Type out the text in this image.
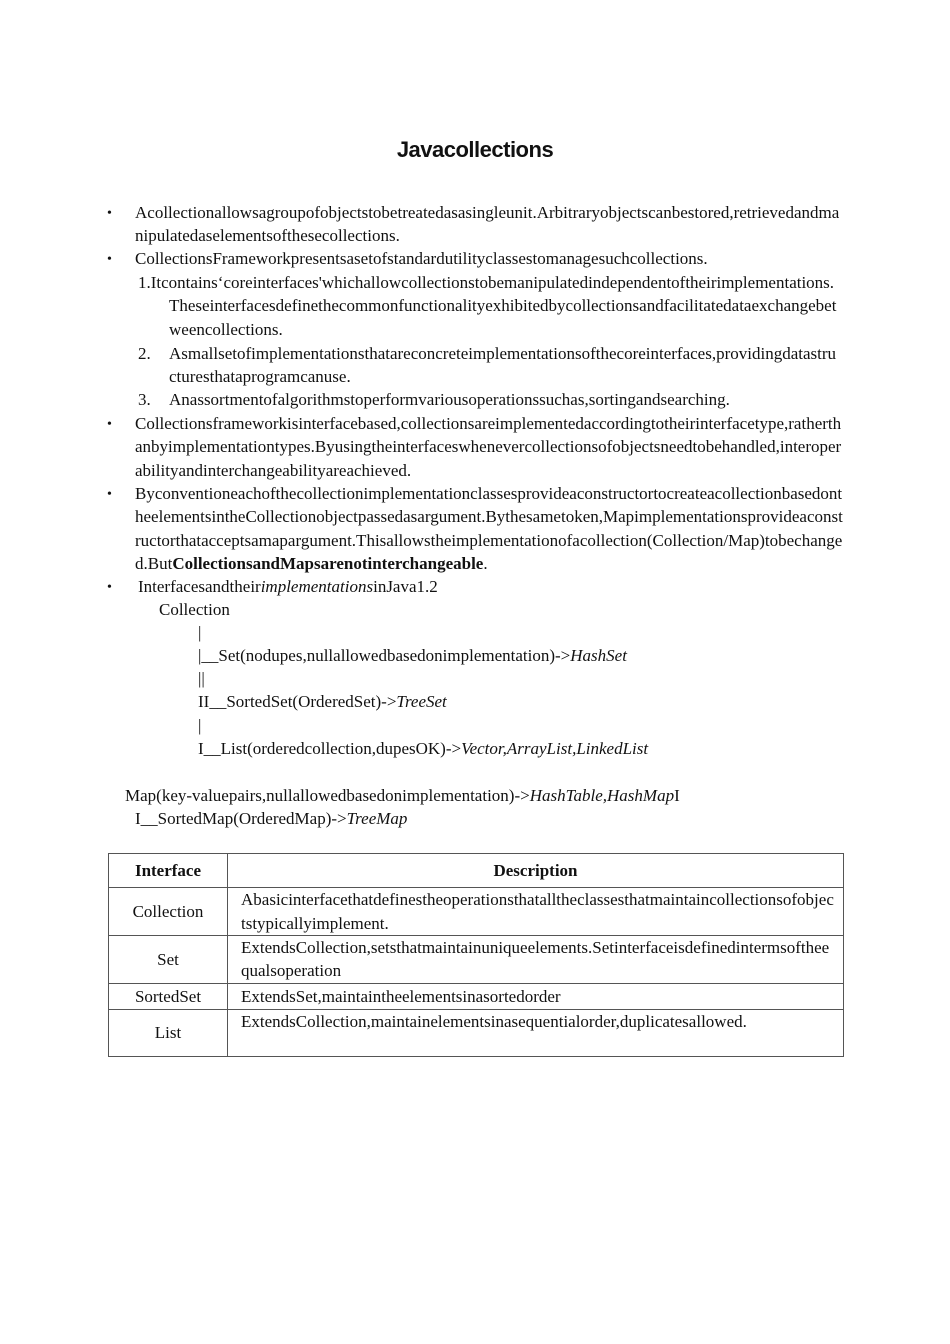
Javacollections
• Acollectionallowsagroupofobjectstobetreatedasasingleunit.Arbitraryobjectscanbestored,retrievedandmanipulatedaselementsofthesecollections.

• CollectionsFrameworkpresentsasetofstandardutilityclassestomanagesuchcollections.

1.Itcontains‘coreinterfaces'whichallowcollectionstobemanipulatedindependentoftheirimplementations.Theseinterfacesdefinethecommonfunctionalityexhibitedbycollectionsandfacilitatedataexchangebetweencollections.

2. Asmallsetofimplementationsthatareconcreteimplementationsofthecoreinterfaces,providingdatastructuresthataprogramcanuse.

3. Anassortmentofalgorithmstoperformvariousoperationssuchas,sortingandsearching.

• Collectionsframeworkisinterfacebased,collectionsareimplementedaccordingtotheirinterfacetype,ratherthanbyimplementationtypes.Byusingtheinterfaceswhenevercollectionsofobjectsneedtobehandled,interoperabilityandinterchangeabilityareachieved.

• ByconventioneachofthecollectionimplementationclassesprovideaconstructortocreateacollectionbasedontheelementsintheCollectionobjectpassedasargument.Bythesametoken,Mapimplementationsprovideaconstructorthatacceptsamapargument.Thisallowstheimplementationofacollection(Collection/Map)tobechanged.ButCollectionsandMapsarenotinterchangeable.

• InterfacesandtheirimplementationsinJava1.2

Collection
|
|__Set(nodupes,nullallowedbasedonimplementation)->HashSet
||
II__SortedSet(OrderedSet)->TreeSet
|
I__List(orderedcollection,dupesOK)->Vector,ArrayList,LinkedList
Map(key-valuepairs,nullallowedbasedonimplementation)->HashTable,HashMapI
I__SortedMap(OrderedMap)->TreeMap
Interface	Description
Collection	Abasicinterfacethatdefinestheoperationsthatalltheclassesthatmaintaincollectionsofobjectstypicallyimplement.
Set	ExtendsCollection,setsthatmaintainuniqueelements.Setinterfaceisdefinedintermsoftheequalsoperation
SortedSet	ExtendsSet,maintaintheelementsinasortedorder
List	ExtendsCollection,maintainelementsinasequentialorder,duplicatesallowed.
